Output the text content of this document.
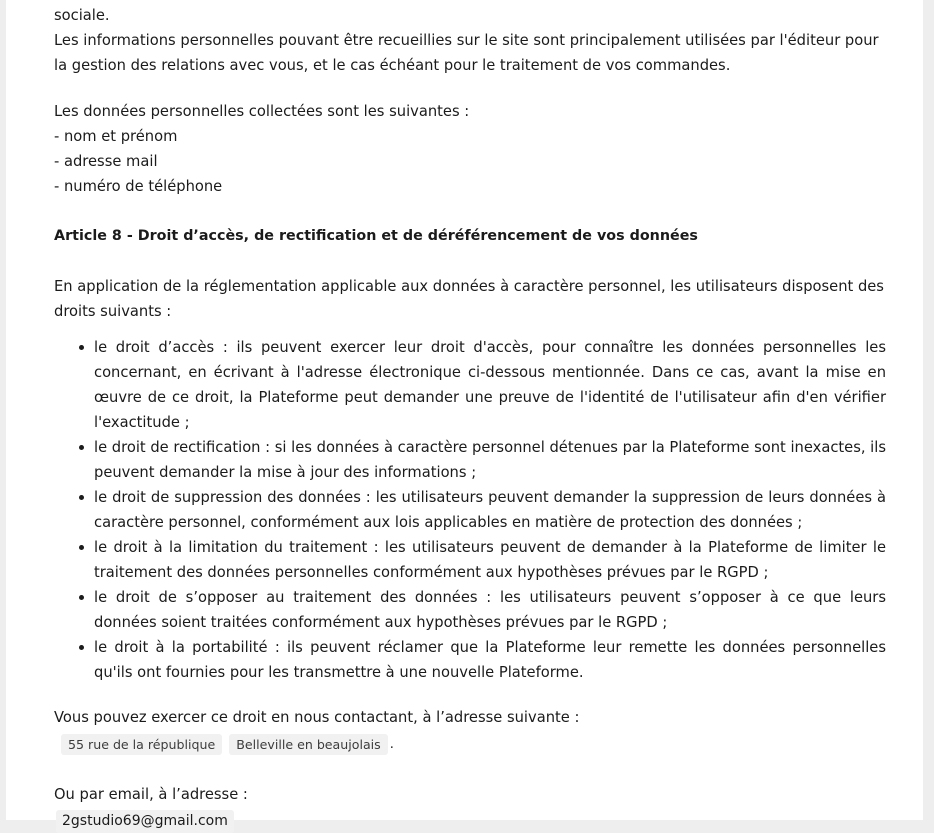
sociale.

Les informations personnelles pouvant être recueillies sur le site sont principalement utilisées par l'éditeur pour la gestion des relations avec vous, et le cas échéant pour le traitement de vos commandes.

Les données personnelles collectées sont les suivantes :

- nom et prénom

- adresse mail

- numéro de téléphone

Article 8 - Droit d’accès, de rectification et de déréférencement de vos données

En application de la réglementation applicable aux données à caractère personnel, les utilisateurs disposent des droits suivants :

le droit d’accès : ils peuvent exercer leur droit d'accès, pour connaître les données personnelles les concernant, en écrivant à l'adresse électronique ci-dessous mentionnée. Dans ce cas, avant la mise en œuvre de ce droit, la Plateforme peut demander une preuve de l'identité de l'utilisateur afin d'en vérifier l'exactitude ;
le droit de rectification : si les données à caractère personnel détenues par la Plateforme sont inexactes, ils peuvent demander la mise à jour des informations ;
le droit de suppression des données : les utilisateurs peuvent demander la suppression de leurs données à caractère personnel, conformément aux lois applicables en matière de protection des données ;
le droit à la limitation du traitement : les utilisateurs peuvent de demander à la Plateforme de limiter le traitement des données personnelles conformément aux hypothèses prévues par le RGPD ;
le droit de s’opposer au traitement des données : les utilisateurs peuvent s’opposer à ce que leurs données soient traitées conformément aux hypothèses prévues par le RGPD ;
le droit à la portabilité : ils peuvent réclamer que la Plateforme leur remette les données personnelles qu'ils ont fournies pour les transmettre à une nouvelle Plateforme.

Vous pouvez exercer ce droit en nous contactant, à l’adresse suivante :

55 rue de la république	Belleville en beaujolais .

Ou par email, à l’adresse :

2gstudio69@gmail.com
